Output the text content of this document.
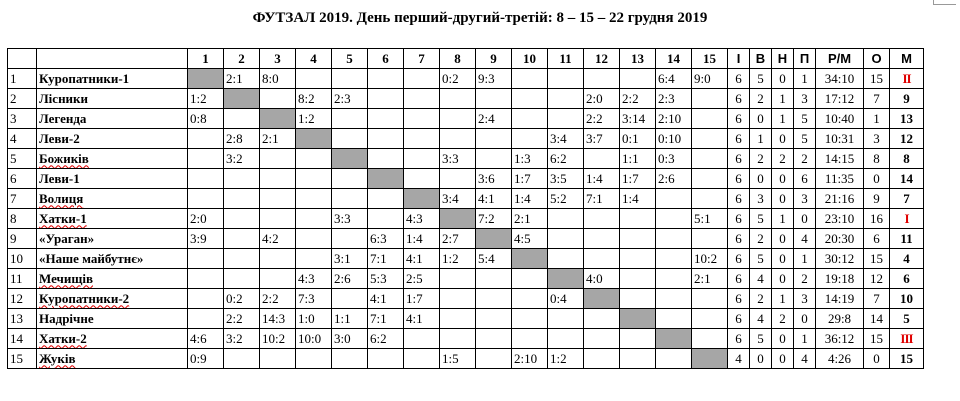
ФУТЗАЛ 2019. День перший-другий-третій: 8 – 15 – 22 грудня 2019
		1	2	3	4	5	6	7	8	9	10	11	12	13	14	15	І	В	Н	П	Р/М	О	М
1	Куропатники-1		2:1	8:0					0:2	9:3					6:4	9:0	6	5	0	1	34:10	15	ІІ
2	Лісники	1:2			8:2	2:3							2:0	2:2	2:3		6	2	1	3	17:12	7	9
3	Легенда	0:8			1:2					2:4			2:2	3:14	2:10		6	0	1	5	10:40	1	13
4	Леви-2		2:8	2:1								3:4	3:7	0:1	0:10		6	1	0	5	10:31	3	12
5	Божиків		3:2						3:3		1:3	6:2		1:1	0:3		6	2	2	2	14:15	8	8
6	Леви-1									3:6	1:7	3:5	1:4	1:7	2:6		6	0	0	6	11:35	0	14
7	Волиця								3:4	4:1	1:4	5:2	7:1	1:4			6	3	0	3	21:16	9	7
8	Хатки-1	2:0				3:3		4:3		7:2	2:1					5:1	6	5	1	0	23:10	16	І
9	«Ураган»	3:9		4:2			6:3	1:4	2:7		4:5						6	2	0	4	20:30	6	11
10	«Наше майбутнє»					3:1	7:1	4:1	1:2	5:4						10:2	6	5	0	1	30:12	15	4
11	Мечищів				4:3	2:6	5:3	2:5					4:0			2:1	6	4	0	2	19:18	12	6
12	Куропатники-2		0:2	2:2	7:3		4:1	1:7				0:4					6	2	1	3	14:19	7	10
13	Надрічне		2:2	14:3	1:0	1:1	7:1	4:1									6	4	2	0	29:8	14	5
14	Хатки-2	4:6	3:2	10:2	10:0	3:0	6:2										6	5	0	1	36:12	15	ІІІ
15	Жуків	0:9							1:5		2:10	1:2					4	0	0	4	4:26	0	15
